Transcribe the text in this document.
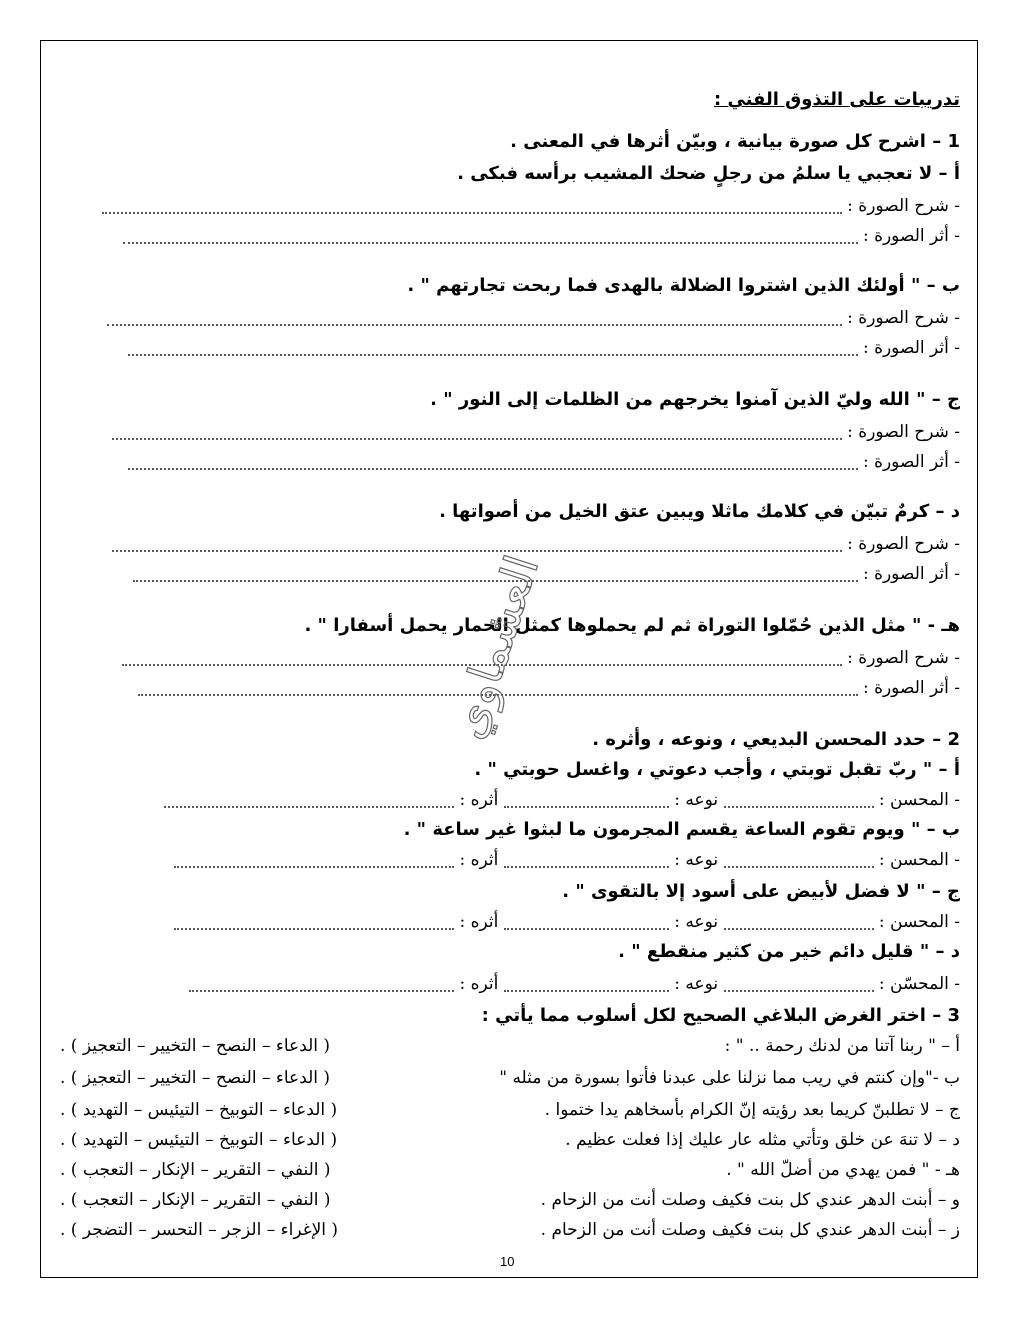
تدريبات على التذوق الفني :
1 – اشرح كل صورة بيانية ، وبيّن أثرها في المعنى .
أ – لا تعجبي يا سلمُ من رجلٍ ضحك المشيب برأسه فبكى .
- شرح الصورة :
- أثر الصورة :
ب – " أولئك الذين اشتروا الضلالة بالهدى فما ربحت تجارتهم " .
- شرح الصورة :
- أثر الصورة :
ج – " الله وليّ الذين آمنوا يخرجهم من الظلمات إلى النور " .
- شرح الصورة :
- أثر الصورة :
د – كرمٌ تبيّن في كلامك ماثلا ويبين عتق الخيل من أصواتها .
- شرح الصورة :
- أثر الصورة :
هـ - " مثل الذين حُمّلوا التوراة ثم لم يحملوها كمثل الحمار يحمل أسفارا " .
- شرح الصورة :
- أثر الصورة :
2 – حدد المحسن البديعي ، ونوعه ، وأثره .
أ – " ربّ تقبل توبتي ، وأجب دعوتي ، واغسل حوبتي " .
- المحسن :  نوعه :  أثره :
ب – " ويوم تقوم الساعة يقسم المجرمون ما لبثوا غير ساعة " .
- المحسن :  نوعه :  أثره :
ج – " لا فضل لأبيض على أسود إلا بالتقوى " .
- المحسن :  نوعه :  أثره :
د – " قليل دائم خير من كثير منقطع " .
- المحسّن :  نوعه :  أثره :
3 – اختر الغرض البلاغي الصحيح لكل أسلوب مما يأتي :
أ – " ربنا آتنا من لدنك رحمة .. " :
( الدعاء – النصح – التخيير – التعجيز ) .
ب -"وإن كنتم في ريب مما نزلنا على عبدنا فأتوا بسورة من مثله "
( الدعاء – النصح – التخيير – التعجيز ) .
ج – لا تطلبنّ كريما بعد رؤيته إنّ الكرام بأسخاهم يدا ختموا .
( الدعاء – التوبيخ – التيئيس – التهديد ) .
د – لا تنهَ عن خلق وتأتي مثله عار عليك إذا فعلت عظيم .
( الدعاء – التوبيخ – التيئيس – التهديد ) .
هـ - " فمن يهدي من أضلّ الله " .
( النفي – التقرير – الإنكار – التعجب ) .
و – أبنت الدهر عندي كل بنت فكيف وصلت أنت من الزحام .
( النفي – التقرير – الإنكار – التعجب ) .
ز – أبنت الدهر عندي كل بنت فكيف وصلت أنت من الزحام .
( الإغراء – الزجر – التحسر – التضجر ) .
العشماوي
10
